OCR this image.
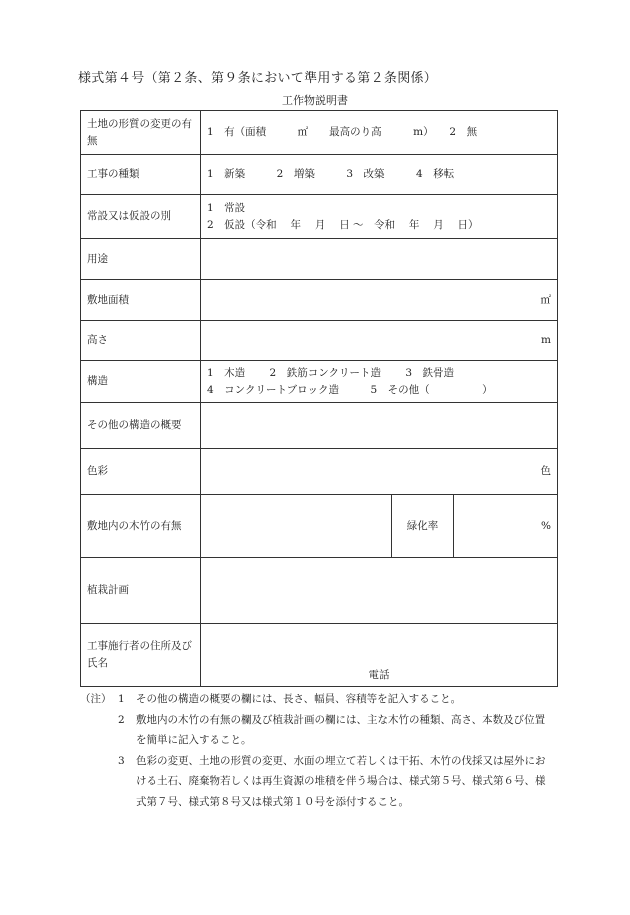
様式第４号（第２条、第９条において準用する第２条関係）
工作物説明書
土地の形質の変更の有無	1　有（面積　　　㎡　　最高のり高　　　m）　　2　無		
工事の種類	1　新築　　　2　増築　　　3　改築　　　4　移転		
常設又は仮設の別	1　常設
2　仮設（令和　 年　 月　 日 ～　令和　 年　 月　 日）		

用途			
敷地面積	㎡		
高さ	m		
構造	1　木造　　 2　鉄筋コンクリート造　　 3　鉄骨造
4　コンクリートブロック造　　　5　その他（　　　　　）		

その他の構造の概要			
色彩	色		
敷地内の木竹の有無		緑化率	%
植栽計画			
工事施行者の住所及び氏名	電話		
（注） 1 その他の構造の概要の欄には、長さ、幅員、容積等を記入すること。
2 敷地内の木竹の有無の欄及び植栽計画の欄には、主な木竹の種類、高さ、本数及び位置を簡単に記入すること。
3 色彩の変更、土地の形質の変更、水面の埋立て若しくは干拓、木竹の伐採又は屋外における土石、廃棄物若しくは再生資源の堆積を伴う場合は、様式第５号、様式第６号、様式第７号、様式第８号又は様式第１０号を添付すること。
